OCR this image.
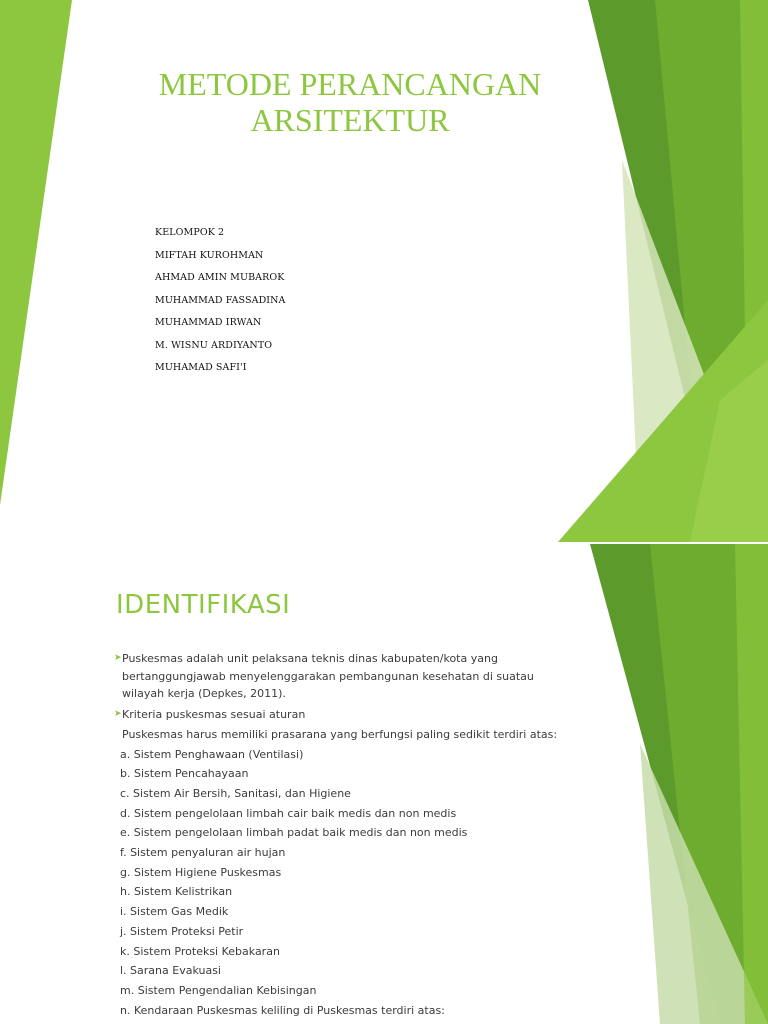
METODE PERANCANGAN ARSITEKTUR
KELOMPOK 2
MIFTAH KUROHMAN
AHMAD AMIN MUBAROK
MUHAMMAD FASSADINA
MUHAMMAD IRWAN
M. WISNU ARDIYANTO
MUHAMAD SAFI'I
IDENTIFIKASI
➤ Puskesmas adalah unit pelaksana teknis dinas kabupaten/kota yang bertanggungjawab menyelenggarakan pembangunan kesehatan di suatau wilayah kerja (Depkes, 2011).
➤ Kriteria puskesmas sesuai aturan
Puskesmas harus memiliki prasarana yang berfungsi paling sedikit terdiri atas:
a. Sistem Penghawaan (Ventilasi)
b. Sistem Pencahayaan
c. Sistem Air Bersih, Sanitasi, dan Higiene
d. Sistem pengelolaan limbah cair baik medis dan non medis
e. Sistem pengelolaan limbah padat baik medis dan non medis
f. Sistem penyaluran air hujan
g. Sistem Higiene Puskesmas
h. Sistem Kelistrikan
i. Sistem Gas Medik
j. Sistem Proteksi Petir
k. Sistem Proteksi Kebakaran
l. Sarana Evakuasi
m. Sistem Pengendalian Kebisingan
n. Kendaraan Puskesmas keliling di Puskesmas terdiri atas:
